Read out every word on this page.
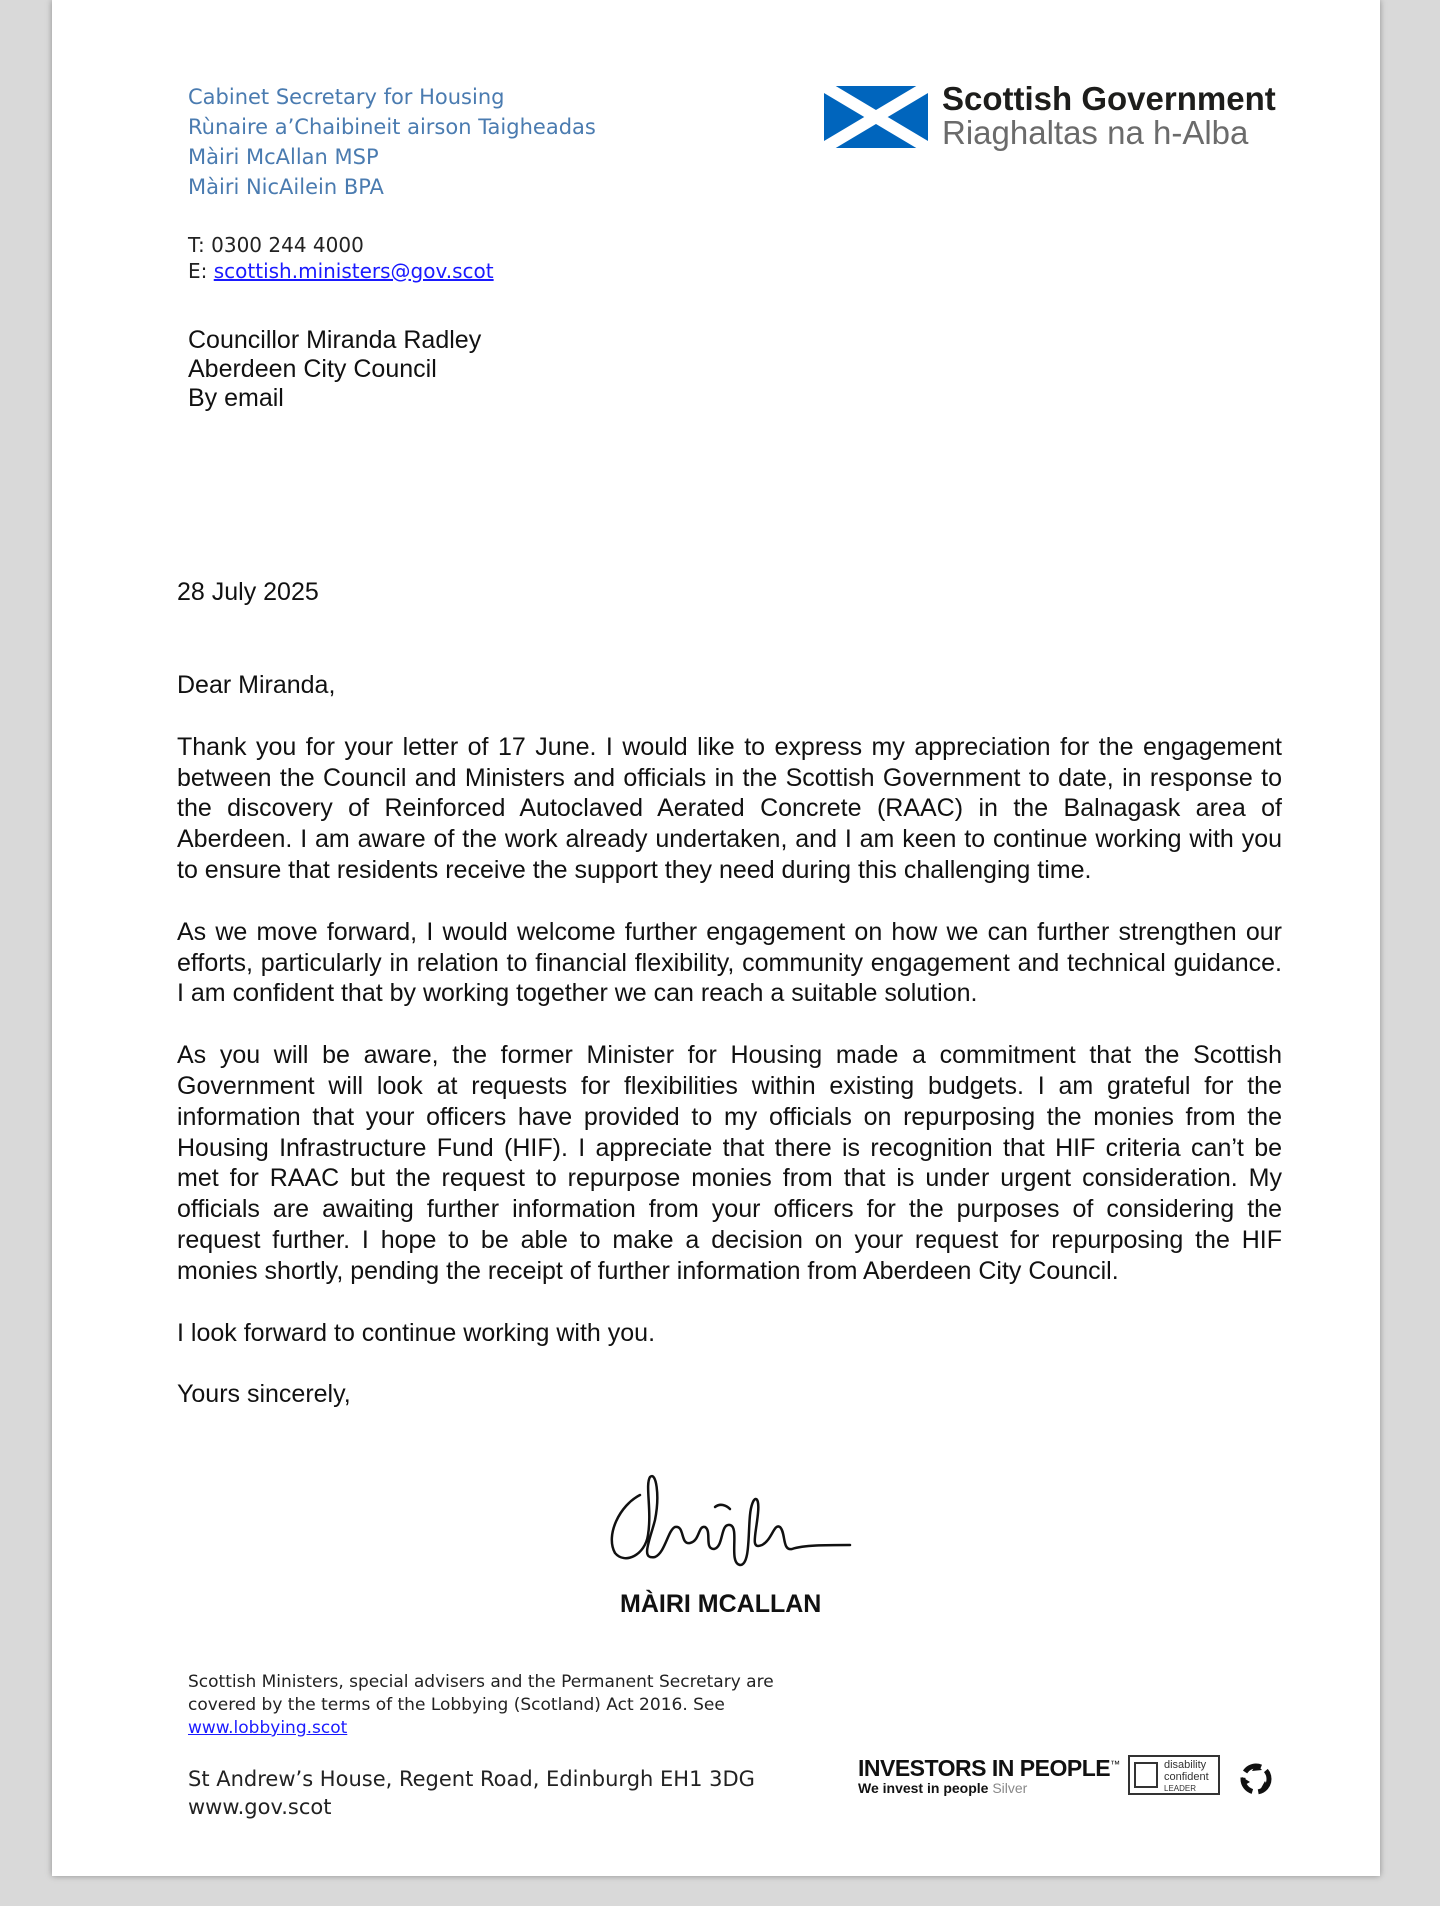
Cabinet Secretary for Housing
Rùnaire a’Chaibineit airson Taigheadas
Màiri McAllan MSP
Màiri NicAilein BPA
T: 0300 244 4000
E: scottish.ministers@gov.scot
Scottish Government
Riaghaltas na h-Alba
Councillor Miranda Radley
Aberdeen City Council
By email
28 July 2025

Dear Miranda,

Thank you for your letter of 17 June. I would like to express my appreciation for the engagement between the Council and Ministers and officials in the Scottish Government to date, in response to the discovery of Reinforced Autoclaved Aerated Concrete (RAAC) in the Balnagask area of Aberdeen. I am aware of the work already undertaken, and I am keen to continue working with you to ensure that residents receive the support they need during this challenging time.

As we move forward, I would welcome further engagement on how we can further strengthen our efforts, particularly in relation to financial flexibility, community engagement and technical guidance. I am confident that by working together we can reach a suitable solution.

As you will be aware, the former Minister for Housing made a commitment that the Scottish Government will look at requests for flexibilities within existing budgets. I am grateful for the information that your officers have provided to my officials on repurposing the monies from the Housing Infrastructure Fund (HIF). I appreciate that there is recognition that HIF criteria can’t be met for RAAC but the request to repurpose monies from that is under urgent consideration. My officials are awaiting further information from your officers for the purposes of considering the request further. I hope to be able to make a decision on your request for repurposing the HIF monies shortly, pending the receipt of further information from Aberdeen City Council.

I look forward to continue working with you.

Yours sincerely,

MÀIRI MCALLAN
Scottish Ministers, special advisers and the Permanent Secretary are covered by the terms of the Lobbying (Scotland) Act 2016. See
www.lobbying.scot
St Andrew’s House, Regent Road, Edinburgh EH1 3DG
www.gov.scot
INVESTORS IN PEOPLE™
We invest in people Silver
disability
confident
LEADER
